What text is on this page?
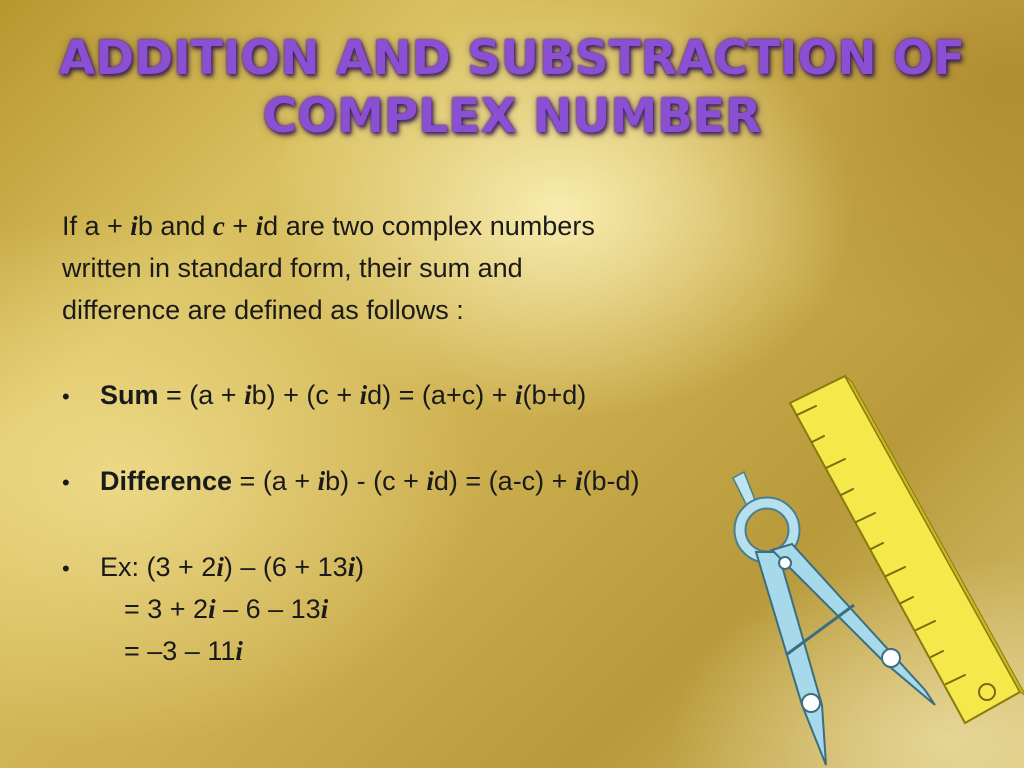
ADDITION AND SUBSTRACTION OF
COMPLEX NUMBER
If a + ib and c + id are two complex numbers
written in standard form, their sum and
difference are defined as follows :
• Sum = (a + ib) + (c + id) = (a+c) + i(b+d)
• Difference = (a + ib) - (c + id) = (a-c) + i(b-d)
• Ex: (3 + 2i) – (6 + 13i)
= 3 + 2i – 6 – 13i
= –3 – 11i
